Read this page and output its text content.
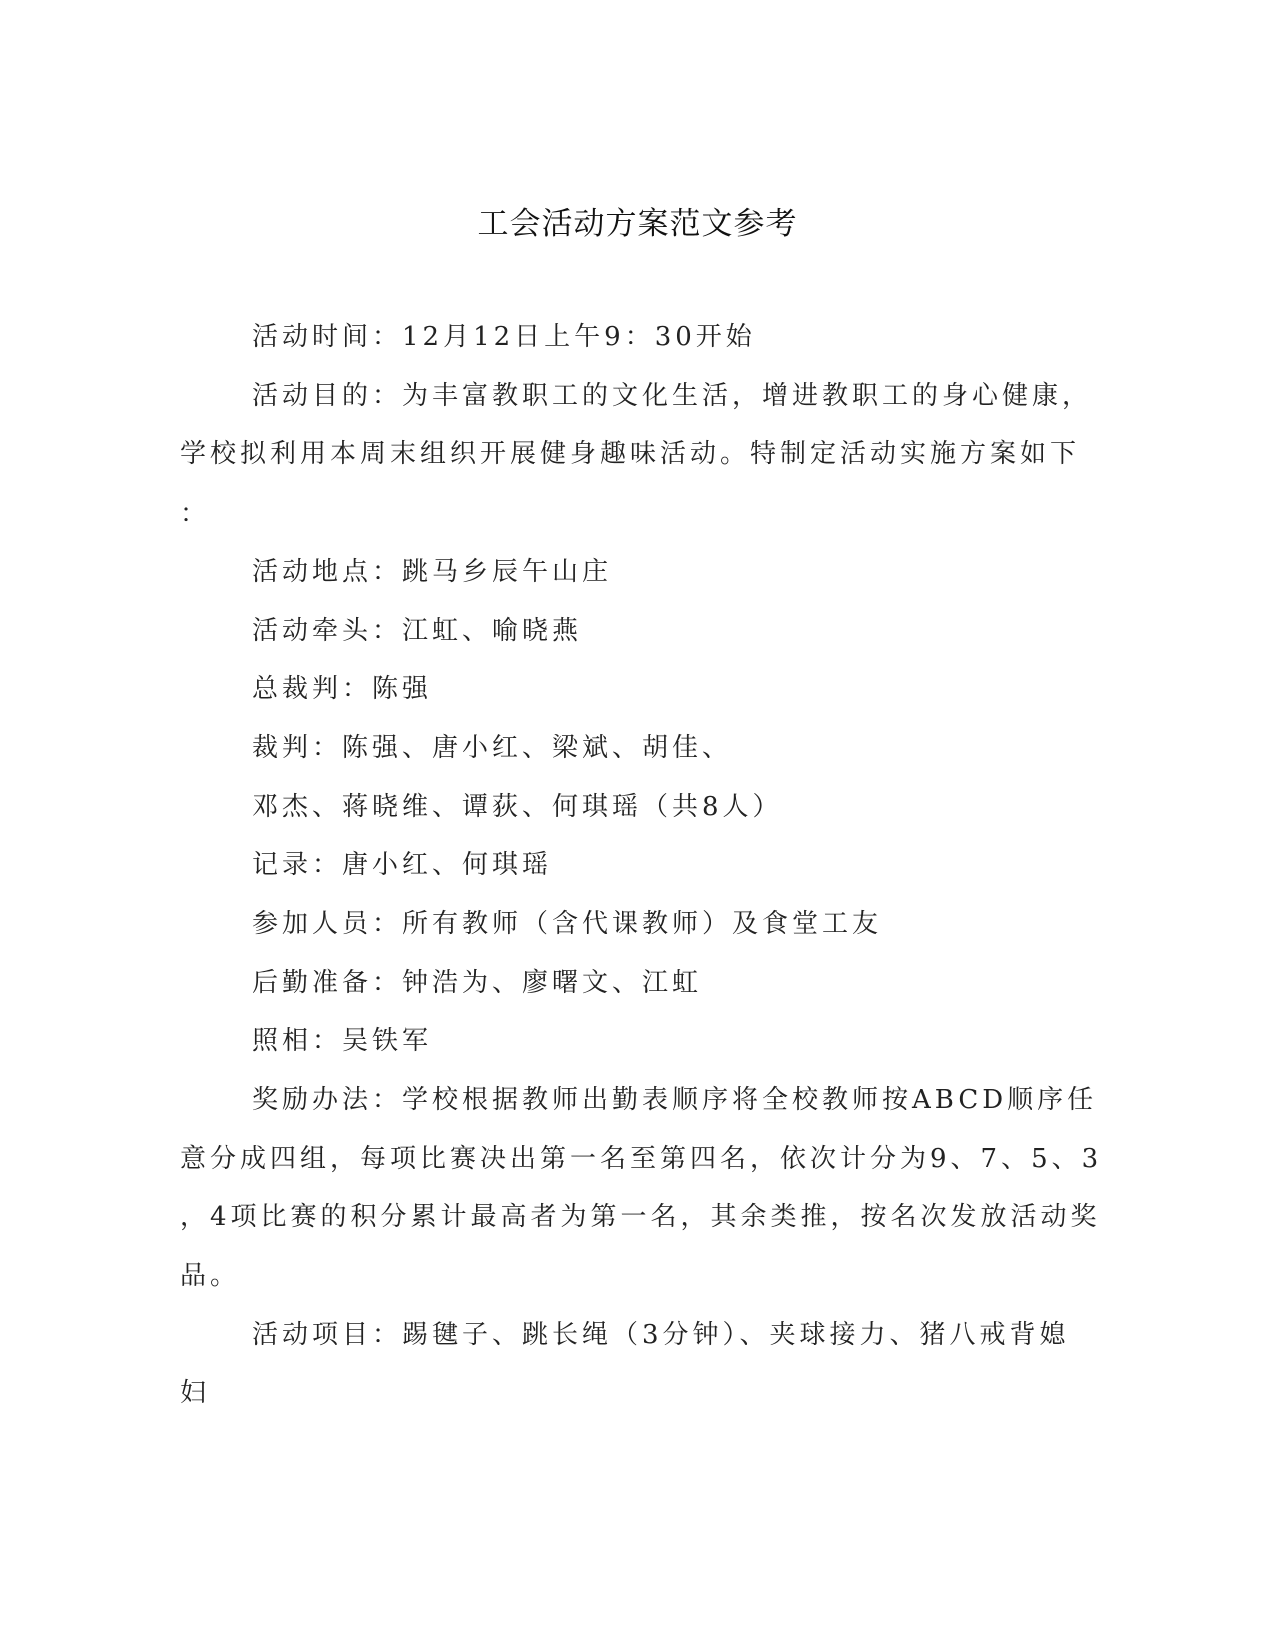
工会活动方案范文参考
活动时间：12月12日上午9：30开始
活动目的：为丰富教职工的文化生活，增进教职工的身心健康，
学校拟利用本周末组织开展健身趣味活动。特制定活动实施方案如下
：
活动地点：跳马乡辰午山庄
活动牵头：江虹、喻晓燕
总裁判：陈强
裁判：陈强、唐小红、梁斌、胡佳、
邓杰、蒋晓维、谭荻、何琪瑶（共8人）
记录：唐小红、何琪瑶
参加人员：所有教师（含代课教师）及食堂工友
后勤准备：钟浩为、廖曙文、江虹
照相：吴铁军
奖励办法：学校根据教师出勤表顺序将全校教师按ABCD顺序任
意分成四组，每项比赛决出第一名至第四名，依次计分为9、7、5、3
，4项比赛的积分累计最高者为第一名，其余类推，按名次发放活动奖
品。
活动项目：踢毽子、跳长绳（3分钟）、夹球接力、猪八戒背媳
妇
